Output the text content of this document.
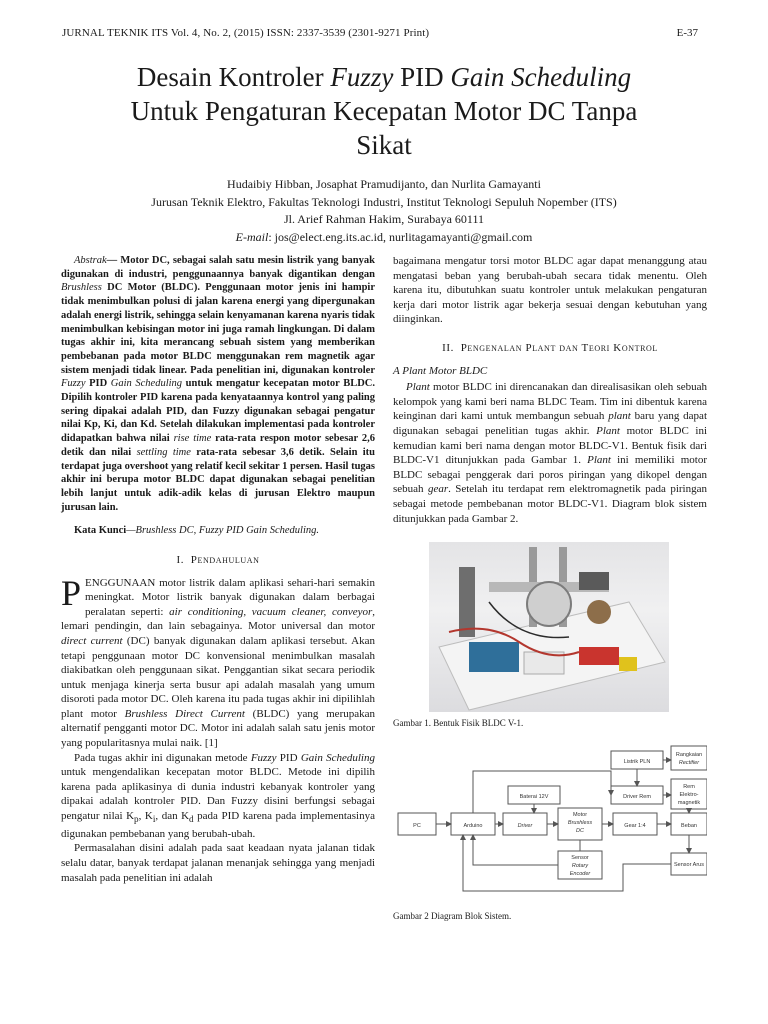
JURNAL TEKNIK ITS Vol. 4, No. 2, (2015) ISSN: 2337-3539 (2301-9271 Print)	E-37
Desain Kontroler Fuzzy PID Gain Scheduling
Untuk Pengaturan Kecepatan Motor DC Tanpa
Sikat
Hudaibiy Hibban, Josaphat Pramudijanto, dan Nurlita Gamayanti
Jurusan Teknik Elektro, Fakultas Teknologi Industri, Institut Teknologi Sepuluh Nopember (ITS)
Jl. Arief Rahman Hakim, Surabaya 60111
E-mail: jos@elect.eng.its.ac.id, nurlitagamayanti@gmail.com

Abstrak— Motor DC, sebagai salah satu mesin listrik yang banyak digunakan di industri, penggunaannya banyak digantikan dengan Brushless DC Motor (BLDC). Penggunaan motor jenis ini hampir tidak menimbulkan polusi di jalan karena energi yang dipergunakan adalah energi listrik, sehingga selain kenyamanan karena nyaris tidak menimbulkan kebisingan motor ini juga ramah lingkungan. Di dalam tugas akhir ini, kita merancang sebuah sistem yang memberikan pembebanan pada motor BLDC menggunakan rem magnetik agar sistem menjadi tidak linear. Pada penelitian ini, digunakan kontroler Fuzzy PID Gain Scheduling untuk mengatur kecepatan motor BLDC. Dipilih kontroler PID karena pada kenyataannya kontrol yang paling sering dipakai adalah PID, dan Fuzzy digunakan sebagai pengatur nilai Kp, Ki, dan Kd. Setelah dilakukan implementasi pada kontroler didapatkan bahwa nilai rise time rata-rata respon motor sebesar 2,6 detik dan nilai settling time rata-rata sebesar 3,6 detik. Selain itu terdapat juga overshoot yang relatif kecil sekitar 1 persen. Hasil tugas akhir ini berupa motor BLDC dapat digunakan sebagai penelitian lebih lanjut untuk adik-adik kelas di jurusan Elektro maupun jurusan lain.

Kata Kunci—Brushless DC, Fuzzy PID Gain Scheduling.

I. Pendahuluan

PENGGUNAAN motor listrik dalam aplikasi sehari-hari semakin meningkat. Motor listrik banyak digunakan dalam berbagai peralatan seperti: air conditioning, vacuum cleaner, conveyor, lemari pendingin, dan lain sebagainya. Motor universal dan motor direct current (DC) banyak digunakan dalam aplikasi tersebut. Akan tetapi penggunaan motor DC konvensional menimbulkan masalah diakibatkan oleh penggunaan sikat. Penggantian sikat secara periodik untuk menjaga kinerja serta busur api adalah masalah yang umum disoroti pada motor DC. Oleh karena itu pada tugas akhir ini dipilihlah plant motor Brushless Direct Current (BLDC) yang merupakan alternatif pengganti motor DC. Motor ini adalah salah satu jenis motor yang popularitasnya mulai naik. [1]

Pada tugas akhir ini digunakan metode Fuzzy PID Gain Scheduling untuk mengendalikan kecepatan motor BLDC. Metode ini dipilih karena pada aplikasinya di dunia industri kebanyak kontroler yang dipakai adalah kontroler PID. Dan Fuzzy disini berfungsi sebagai pengatur nilai $K_p$, $K_i$, dan $K_d$ pada PID karena pada implementasinya digunakan pembebanan yang berubah-ubah.

Permasalahan disini adalah pada saat keadaan nyata jalanan tidak selalu datar, banyak terdapat jalanan menanjak sehingga yang menjadi masalah pada penelitian ini adalah

bagaimana mengatur torsi motor BLDC agar dapat menanggung atau mengatasi beban yang berubah-ubah secara tidak menentu. Oleh karena itu, dibutuhkan suatu kontroler untuk melakukan pengaturan kerja dari motor listrik agar bekerja sesuai dengan kebutuhan yang diinginkan.

II. Pengenalan Plant dan Teori Kontrol
A Plant Motor BLDC

Plant motor BLDC ini direncanakan dan direalisasikan oleh sebuah kelompok yang kami beri nama BLDC Team. Tim ini dibentuk karena keinginan dari kami untuk membangun sebuah plant baru yang dapat digunakan sebagai penelitian tugas akhir. Plant motor BLDC ini kemudian kami beri nama dengan motor BLDC-V1. Bentuk fisik dari BLDC-V1 ditunjukkan pada Gambar 1. Plant ini memiliki motor BLDC sebagai penggerak dari poros piringan yang dikopel dengan sebuah gear. Setelah itu terdapat rem elektromagnetik pada piringan sebagai metode pembebanan motor BLDC-V1. Diagram blok sistem ditunjukkan pada Gambar 2.

Gambar 1. Bentuk Fisik BLDC V-1.
Listrik PLN
Rangkaian
Rectifier
Baterai 12V	Driver Rem
Rem
Elektro-
magnetik
PC	Arduino	Driver
Motor
Brushless
DC
Gear 1:4	Beban
Sensor
Rotary
Encoder
Sensor Arus
Gambar 2 Diagram Blok Sistem.
